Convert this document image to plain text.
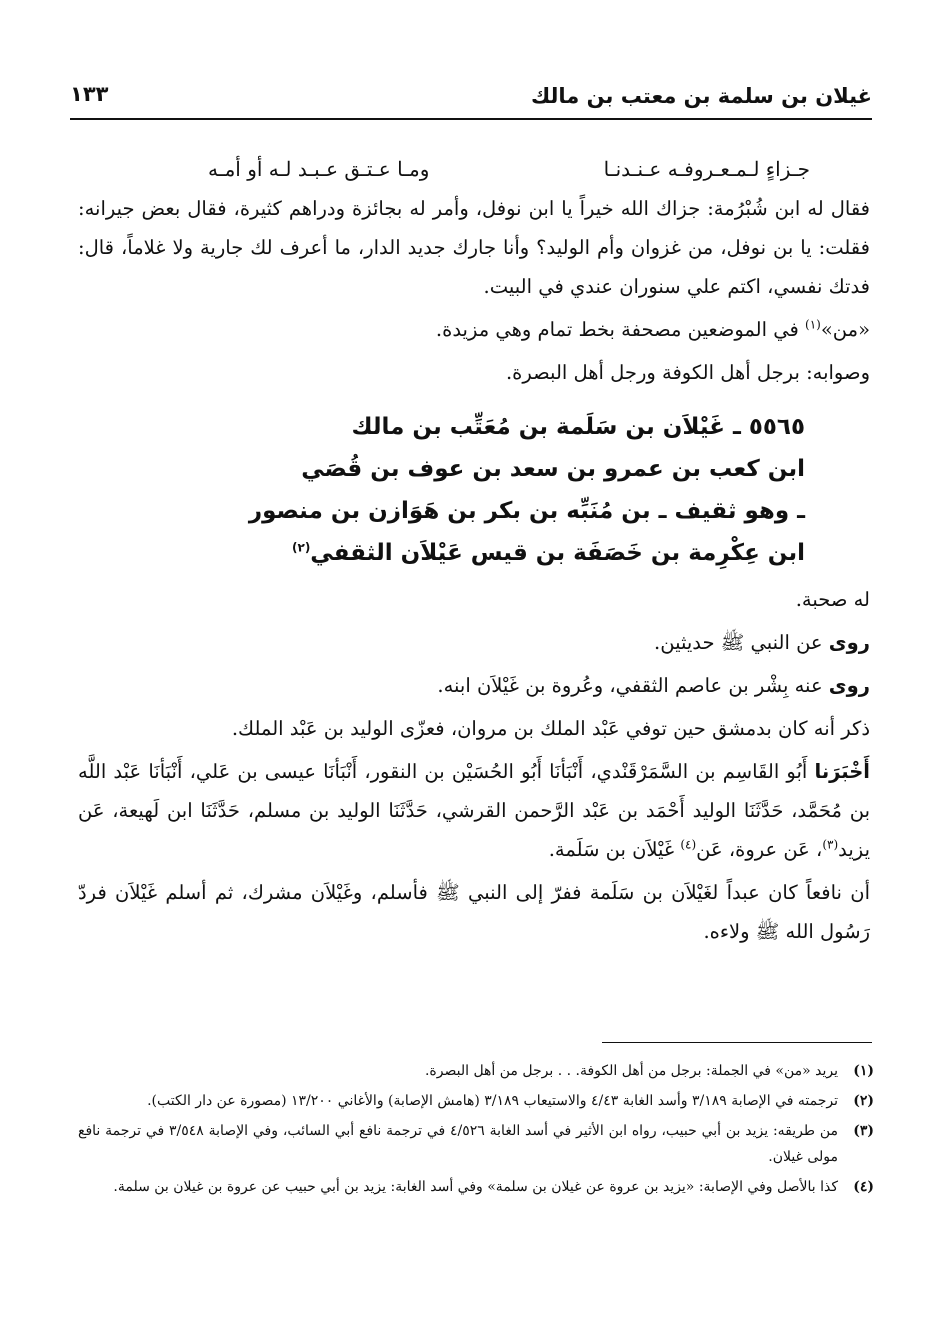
غيلان بن سلمة بن معتب بن مالك
١٣٣
جـزاءٍ لـمـعـروفـه عـنـدنـا
ومـا عـتـق عـبـد لـه أو أمـه

فقال له ابن شُبْرُمة: جزاك الله خيراً يا ابن نوفل، وأمر له بجائزة ودراهم كثيرة، فقال بعض جيرانه: فقلت: يا بن نوفل، من غزوان وأم الوليد؟ وأنا جارك جديد الدار، ما أعرف لك جارية ولا غلاماً، قال: فدتك نفسي، اكتم علي سنوران عندي في البيت.

«من»$^{(١)}$ في الموضعين مصحفة بخط تمام وهي مزيدة.

وصوابه: برجل أهل الكوفة ورجل أهل البصرة.

٥٥٦٥ ـ غَيْلاَن بن سَلَمة بن مُعَتِّب بن مالك
ابن كعب بن عمرو بن سعد بن عوف بن قُصَي
ـ وهو ثقيف ـ بن مُنَبِّه بن بكر بن هَوَازن بن منصور
ابن عِكْرِمة بن خَصَفَة بن قيس عَيْلاَن الثقفي$^{(٢)}$

له صحبة.

روى عن النبي ﷺ حديثين.

روى عنه بِشْر بن عاصم الثقفي، وعُروة بن غَيْلاَن ابنه.

ذكر أنه كان بدمشق حين توفي عَبْد الملك بن مروان، فعزّى الوليد بن عَبْد الملك.

أَخْبَرَنا أَبُو القَاسِم بن السَّمَرْقَنْدي، أَنْبَأنَا أَبُو الحُسَيْن بن النقور، أَنْبَأنَا عيسى بن عَلي، أَنْبَأنَا عَبْد اللَّه بن مُحَمَّد، حَدَّثَنَا الوليد أَحْمَد بن عَبْد الرَّحمن القرشي، حَدَّثَنَا الوليد بن مسلم، حَدَّثَنَا ابن لَهيعة، عَن يزيد$^{(٣)}$، عَن عروة، عَن$^{(٤)}$ غَيْلاَن بن سَلَمة.

أن نافعاً كان عبداً لغَيْلاَن بن سَلَمة ففرّ إلى النبي ﷺ فأسلم، وغَيْلاَن مشرك، ثم أسلم غَيْلاَن فردّ رَسُول الله ﷺ ولاءه.

(١)
يريد «من» في الجملة: برجل من أهل الكوفة. . . برجل من أهل البصرة.
(٢)
ترجمته في الإصابة ٣/١٨٩ وأسد الغابة ٤/٤٣ والاستيعاب ٣/١٨٩ (هامش الإصابة) والأغاني ١٣/٢٠٠ (مصورة عن دار الكتب).
(٣)
من طريقه: يزيد بن أبي حبيب، رواه ابن الأثير في أسد الغابة ٤/٥٢٦ في ترجمة نافع أبي السائب، وفي الإصابة ٣/٥٤٨ في ترجمة نافع مولى غيلان.
(٤)
كذا بالأصل وفي الإصابة: «يزيد بن عروة عن غيلان بن سلمة» وفي أسد الغابة: يزيد بن أبي حبيب عن عروة بن غيلان بن سلمة.
